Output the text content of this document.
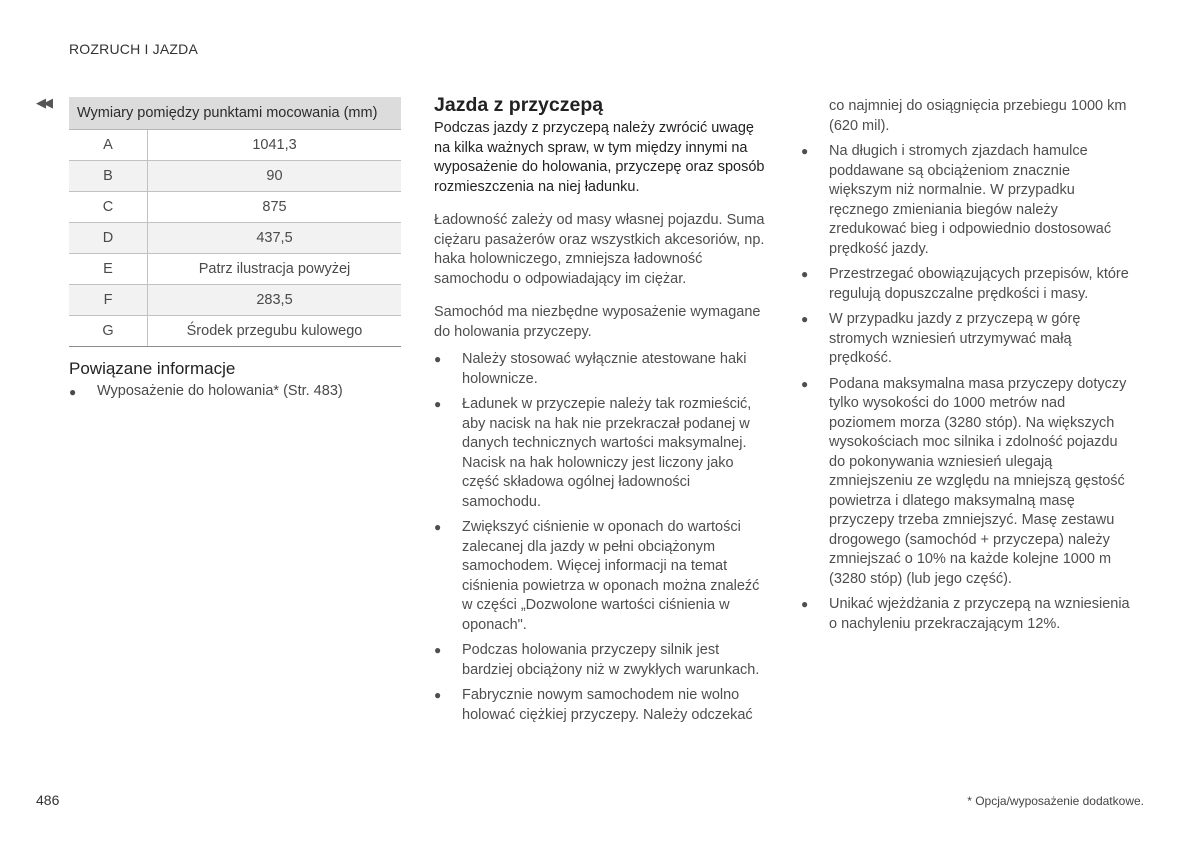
ROZRUCH I JAZDA
◀◀
Wymiary pomiędzy punktami mocowania (mm)	
A	1041,3
B	90
C	875
D	437,5
E	Patrz ilustracja powyżej
F	283,5
G	Środek przegubu kulowego
Powiązane informacje
●	Wyposażenie do holowania* (Str. 483)
Jazda z przyczepą
Podczas jazdy z przyczepą należy zwrócić uwagę na kilka ważnych spraw, w tym między innymi na wyposażenie do holowania, przyczepę oraz sposób rozmieszczenia na niej ładunku.

Ładowność zależy od masy własnej pojazdu. Suma ciężaru pasażerów oraz wszystkich akcesoriów, np. haka holowniczego, zmniejsza ładowność samochodu o odpowiadający im ciężar.

Samochód ma niezbędne wyposażenie wymagane do holowania przyczepy.

●	Należy stosować wyłącznie atestowane haki holownicze.
●	Ładunek w przyczepie należy tak rozmieścić, aby nacisk na hak nie przekraczał podanej w danych technicznych wartości maksymalnej. Nacisk na hak holowniczy jest liczony jako część składowa ogólnej ładowności samochodu.
●	Zwiększyć ciśnienie w oponach do wartości zalecanej dla jazdy w pełni obciążonym samochodem. Więcej informacji na temat ciśnienia powietrza w oponach można znaleźć w części „Dozwolone wartości ciśnienia w oponach".
●	Podczas holowania przyczepy silnik jest bardziej obciążony niż w zwykłych warunkach.
●	Fabrycznie nowym samochodem nie wolno holować ciężkiej przyczepy. Należy odczekać
co najmniej do osiągnięcia przebiegu 1000 km (620 mil).
●	Na długich i stromych zjazdach hamulce poddawane są obciążeniom znacznie większym niż normalnie. W przypadku ręcznego zmieniania biegów należy zredukować bieg i odpowiednio dostosować prędkość jazdy.
●	Przestrzegać obowiązujących przepisów, które regulują dopuszczalne prędkości i masy.
●	W przypadku jazdy z przyczepą w górę stromych wzniesień utrzymywać małą prędkość.
●	Podana maksymalna masa przyczepy dotyczy tylko wysokości do 1000 metrów nad poziomem morza (3280 stóp). Na większych wysokościach moc silnika i zdolność pojazdu do pokonywania wzniesień ulegają zmniejszeniu ze względu na mniejszą gęstość powietrza i dlatego maksymalną masę przyczepy trzeba zmniejszyć. Masę zestawu drogowego (samochód + przyczepa) należy zmniejszać o 10% na każde kolejne 1000 m (3280 stóp) (lub jego część).
●	Unikać wjeżdżania z przyczepą na wzniesienia o nachyleniu przekraczającym 12%.
486	* Opcja/wyposażenie dodatkowe.
